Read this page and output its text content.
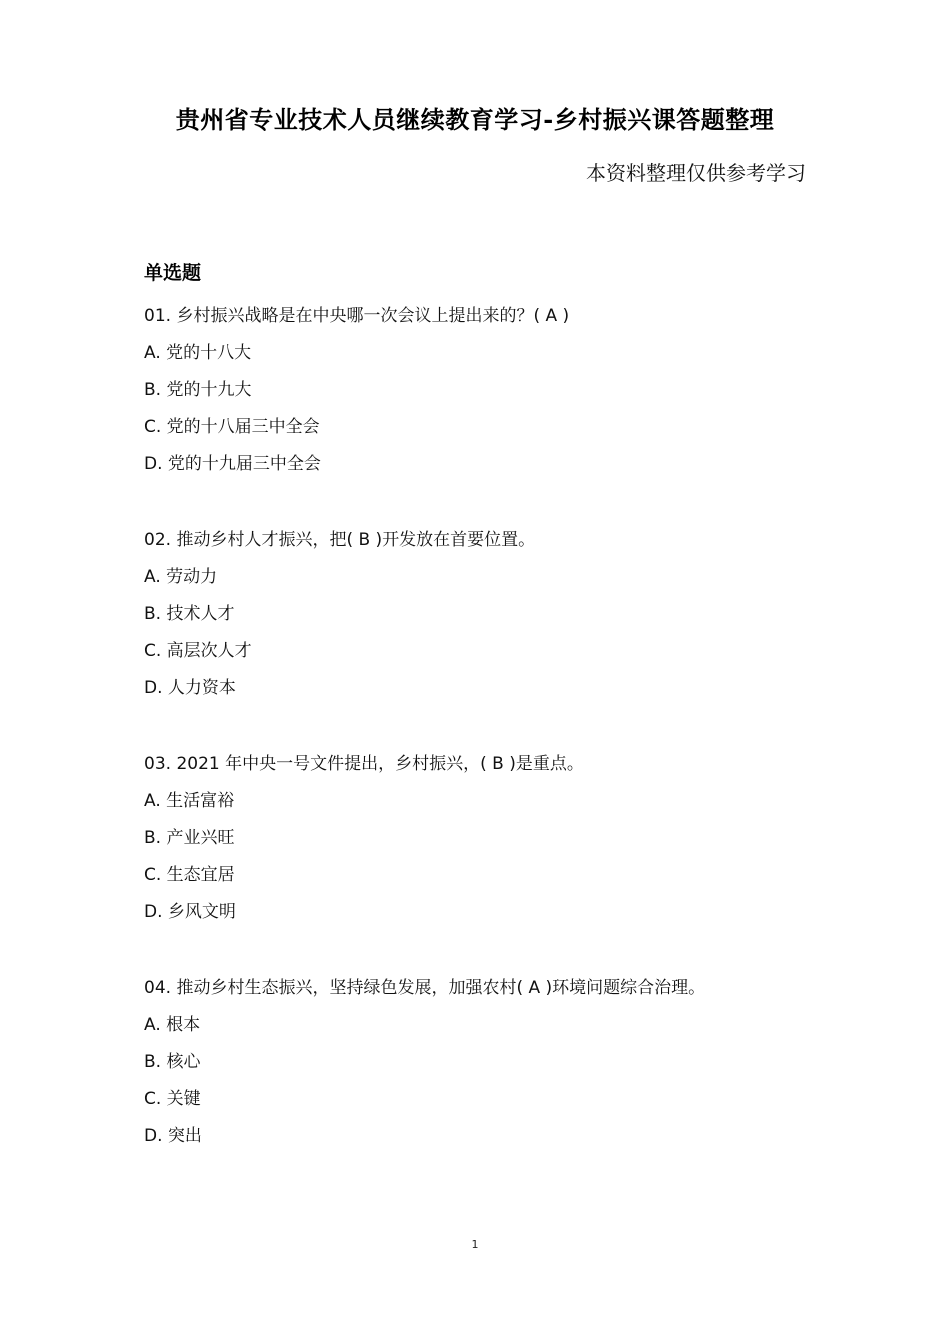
贵州省专业技术人员继续教育学习-乡村振兴课答题整理
本资料整理仅供参考学习
单选题
01. 乡村振兴战略是在中央哪一次会议上提出来的？( A )
A. 党的十八大
B. 党的十九大
C. 党的十八届三中全会
D. 党的十九届三中全会
02. 推动乡村人才振兴，把( B )开发放在首要位置。
A. 劳动力
B. 技术人才
C. 高层次人才
D. 人力资本
03. 2021 年中央一号文件提出，乡村振兴，( B )是重点。
A. 生活富裕
B. 产业兴旺
C. 生态宜居
D. 乡风文明
04. 推动乡村生态振兴，坚持绿色发展，加强农村( A )环境问题综合治理。
A. 根本
B. 核心
C. 关键
D. 突出
1
